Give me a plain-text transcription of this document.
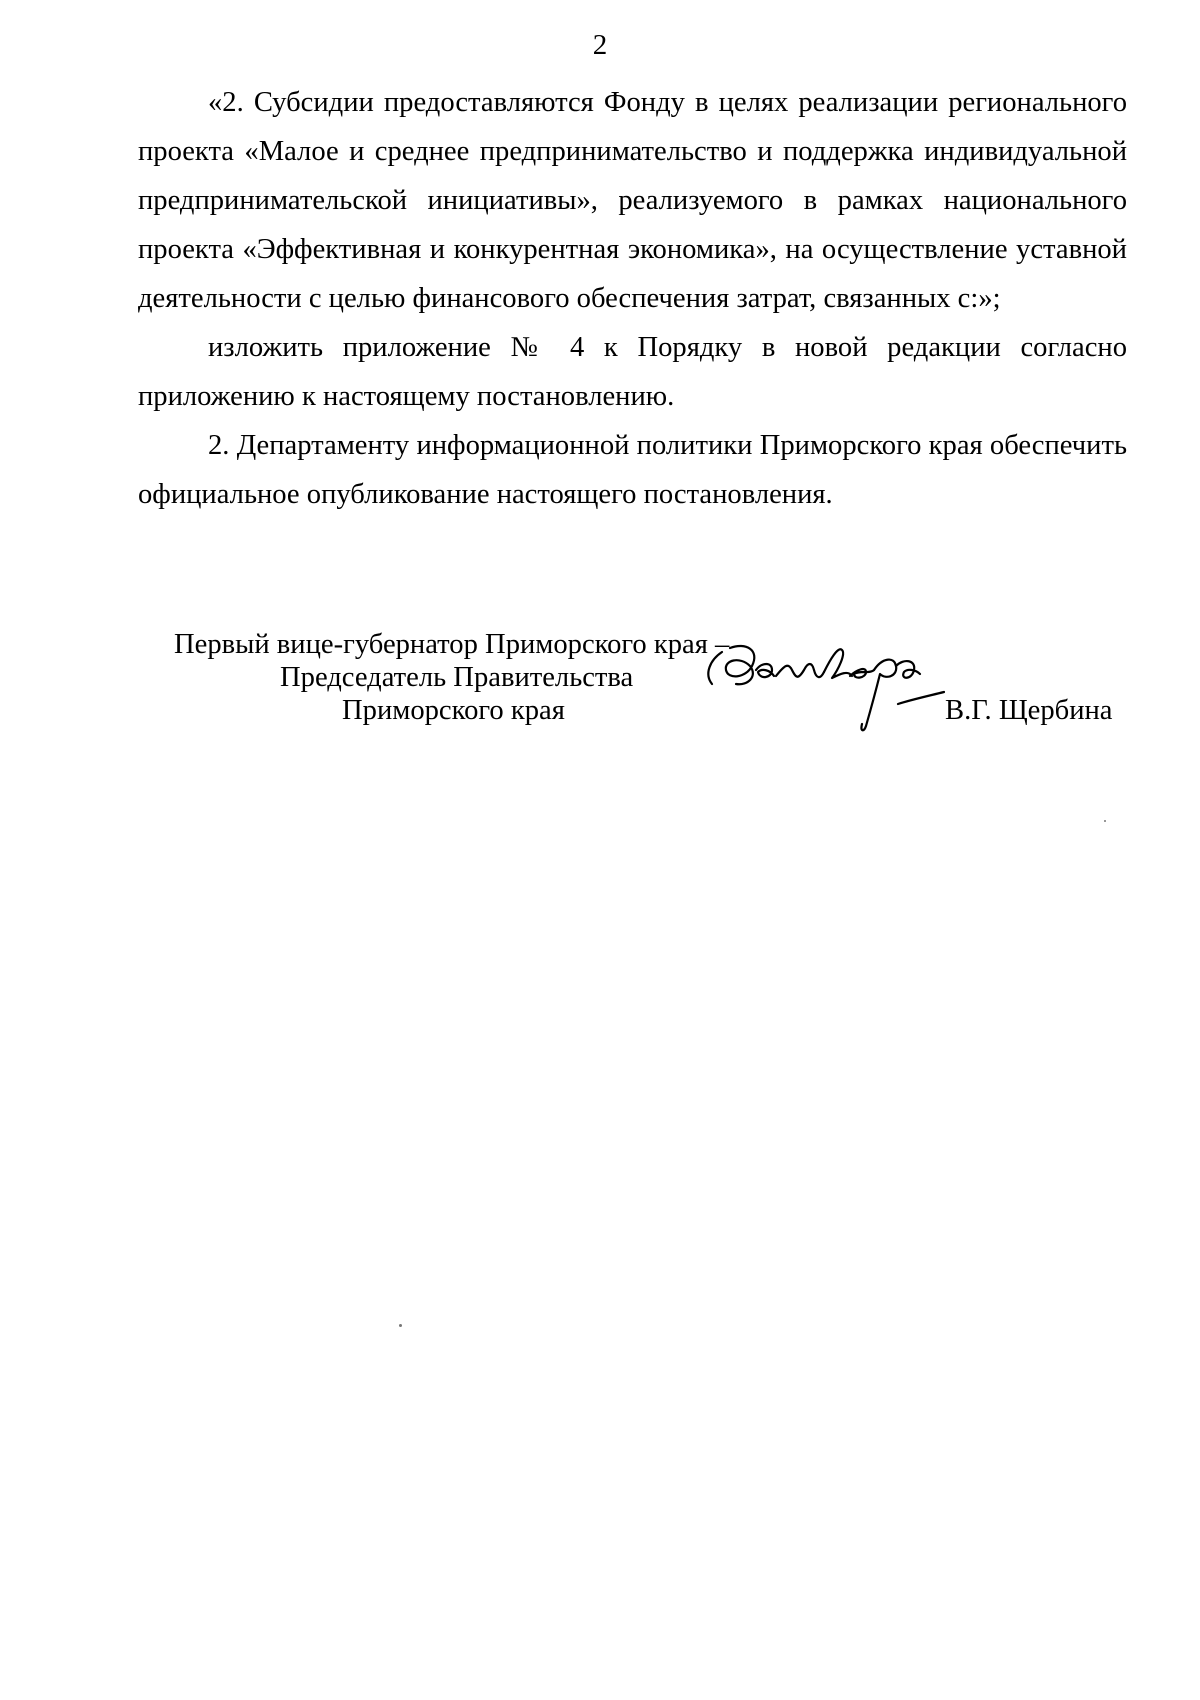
2

«2. Субсидии предоставляются Фонду в целях реализации регионального проекта «Малое и среднее предпринимательство и поддержка индивидуальной предпринимательской инициативы», реализуемого в рамках национального проекта «Эффективная и конкурентная экономика», на осуществление уставной деятельности с целью финансового обеспечения затрат, связанных с:»;

изложить приложение № 4 к Порядку в новой редакции согласно приложению к настоящему постановлению.

2. Департаменту информационной политики Приморского края обеспечить официальное опубликование настоящего постановления.

Первый вице-губернатор Приморского края –
Председатель Правительства
Приморского края	В.Г. Щербина
